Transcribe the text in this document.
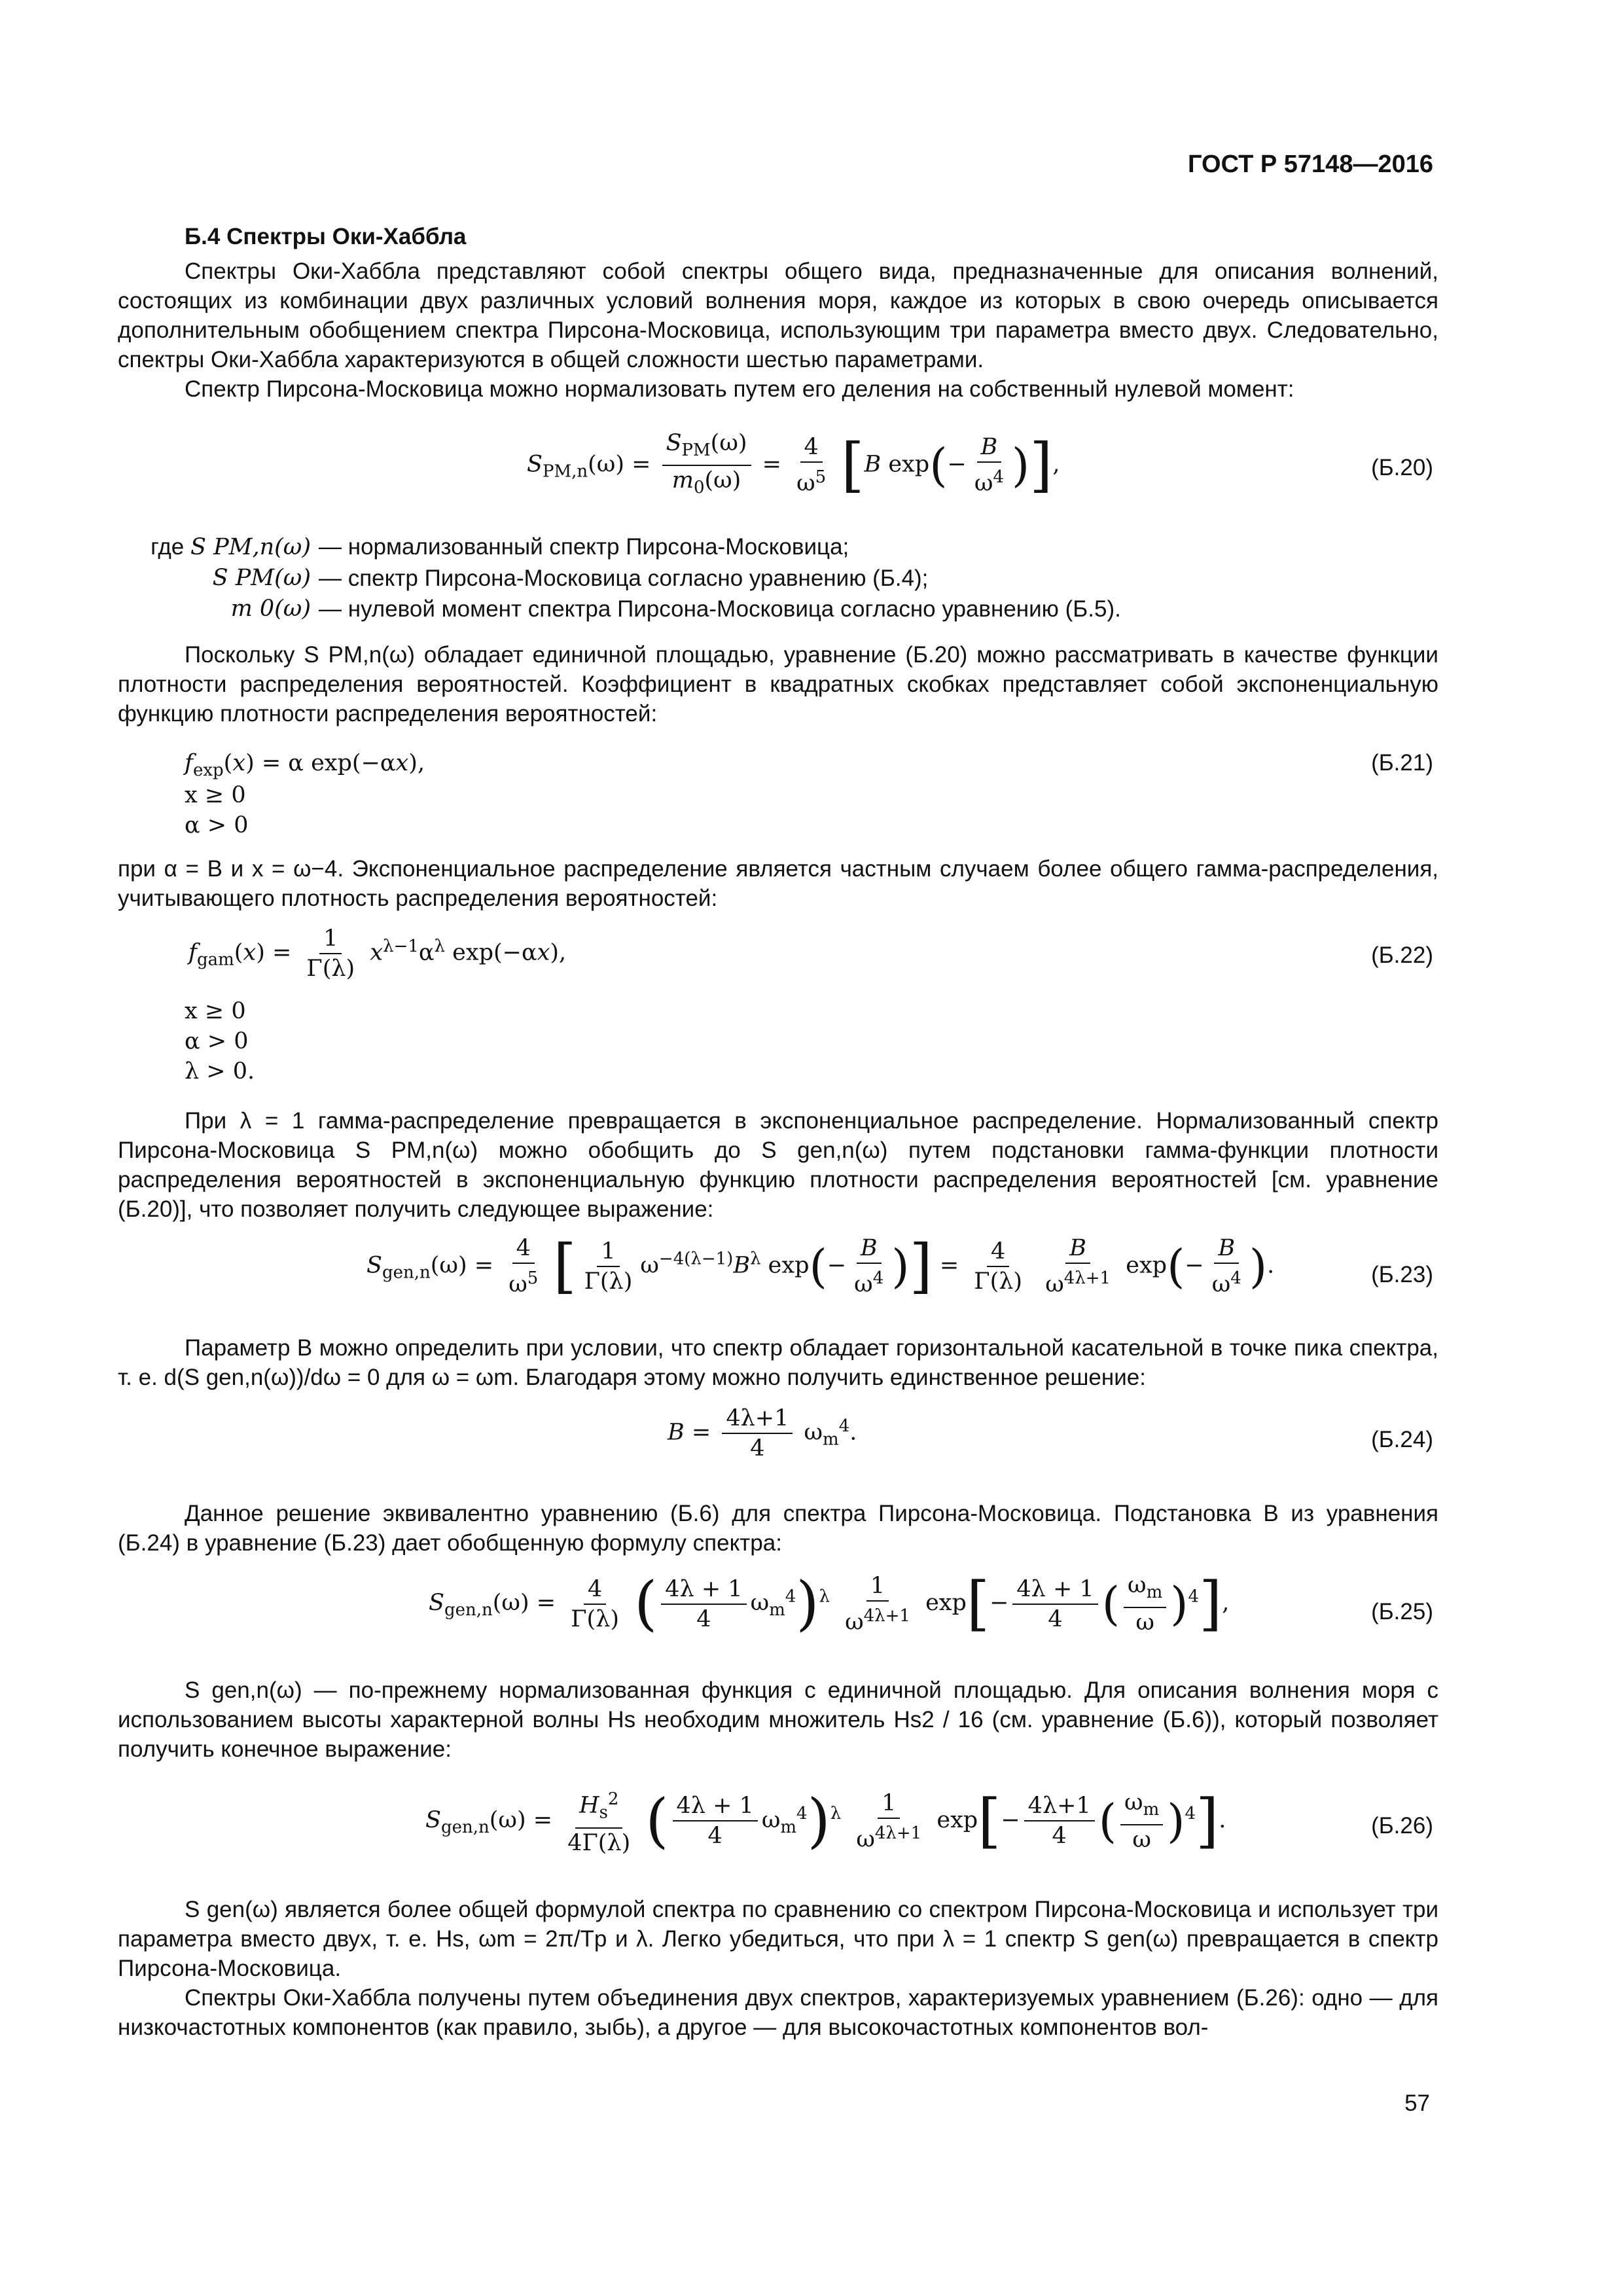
ГОСТ Р 57148—2016
Б.4 Спектры Оки-Хаббла

Спектры Оки-Хаббла представляют собой спектры общего вида, предназначенные для описания волнений, состоящих из комбинации двух различных условий волнения моря, каждое из которых в свою очередь описывается дополнительным обобщением спектра Пирсона-Московица, использующим три параметра вместо двух. Следовательно, спектры Оки-Хаббла характеризуются в общей сложности шестью параметрами.

Спектр Пирсона-Московица можно нормализовать путем его деления на собственный нулевой момент:

$S_{PM,n}(\omega) = \frac{S_{PM}(\omega)}{m_0(\omega)} = \frac{4}{\omega^5} [B$ $\exp(- \frac{B}{\omega^4}$ )],	(Б.20)
где S PM,n(ω) —
нормализованный спектр Пирсона-Московица;
S PM(ω) —
спектр Пирсона-Московица согласно уравнению (Б.4);
m 0(ω) —
нулевой момент спектра Пирсона-Московица согласно уравнению (Б.5).

Поскольку S PM,n(ω) обладает единичной площадью, уравнение (Б.20) можно рассматривать в качестве функции плотности распределения вероятностей. Коэффициент в квадратных скобках представляет собой экспоненциальную функцию плотности распределения вероятностей:

$f_{exp}(x) = \alpha$ exp(−αx),	(Б.21)
x ≥ 0
α > 0

при α = B и x = ω−4. Экспоненциальное распределение является частным случаем более общего гамма-распределения, учитывающего плотность распределения вероятностей:

$f_{gam}(x) = \frac{1}{\Gamma(\lambda)} x^{\lambda-1}\alpha^\lambda$ exp(−αx),	(Б.22)
x ≥ 0
α > 0
λ > 0.

При λ = 1 гамма-распределение превращается в экспоненциальное распределение. Нормализованный спектр Пирсона-Московица S PM,n(ω) можно обобщить до S gen,n(ω) путем подстановки гамма-функции плотности распределения вероятностей в экспоненциальную функцию плотности распределения вероятностей [см. уравнение (Б.20)], что позволяет получить следующее выражение:

$S_{gen,n}(\omega) = \frac{4}{\omega^5}$ [ $\frac{1}{\Gamma(\lambda)} \omega^{-4(\lambda-1)}B^\lambda$ $\exp(- \frac{B}{\omega^4}$ )] = $\frac{4}{\Gamma(\lambda)}$
$\frac{B}{\omega^{4\lambda+1}} \exp(- \frac{B}{\omega^4}$ ).	(Б.23)

Параметр B можно определить при условии, что спектр обладает горизонтальной касательной в точке пика спектра, т. е. d(S gen,n(ω))/dω = 0 для ω = ωm. Благодаря этому можно получить единственное решение:

$B = \frac{4\lambda+1}{4} \omega_m^4$.	(Б.24)

Данное решение эквивалентно уравнению (Б.6) для спектра Пирсона-Московица. Подстановка B из уравнения (Б.24) в уравнение (Б.23) дает обобщенную формулу спектра:

$S_{gen,n}(\omega) = \frac{4}{\Gamma(\lambda)}$ ( $\frac{4\lambda + 1}{4} \omega_m^4)^\lambda \frac{1}{\omega^{4\lambda+1}} \exp[- \frac{4\lambda + 1}{4}$ ( $\frac{\omega_m}{\omega} )^4$],	(Б.25)

S gen,n(ω) — по-прежнему нормализованная функция с единичной площадью. Для описания волнения моря с использованием высоты характерной волны Hs необходим множитель Hs2 / 16 (см. уравнение (Б.6)), который позволяет получить конечное выражение:

$S_{gen,n}(\omega) = \frac{H_s^2}{4\Gamma(\lambda)}$ ( $\frac{4\lambda + 1}{4} \omega_m^4)^\lambda \frac{1}{\omega^{4\lambda+1}} \exp[- \frac{4\lambda+1}{4}$ ( $\frac{\omega_m}{\omega} )^4$].	(Б.26)

S gen(ω) является более общей формулой спектра по сравнению со спектром Пирсона-Московица и использует три параметра вместо двух, т. е. Hs, ωm = 2π/Tp и λ. Легко убедиться, что при λ = 1 спектр S gen(ω) превращается в спектр Пирсона-Московица.

Спектры Оки-Хаббла получены путем объединения двух спектров, характеризуемых уравнением (Б.26): одно — для низкочастотных компонентов (как правило, зыбь), а другое — для высокочастотных компонентов вол-

57
